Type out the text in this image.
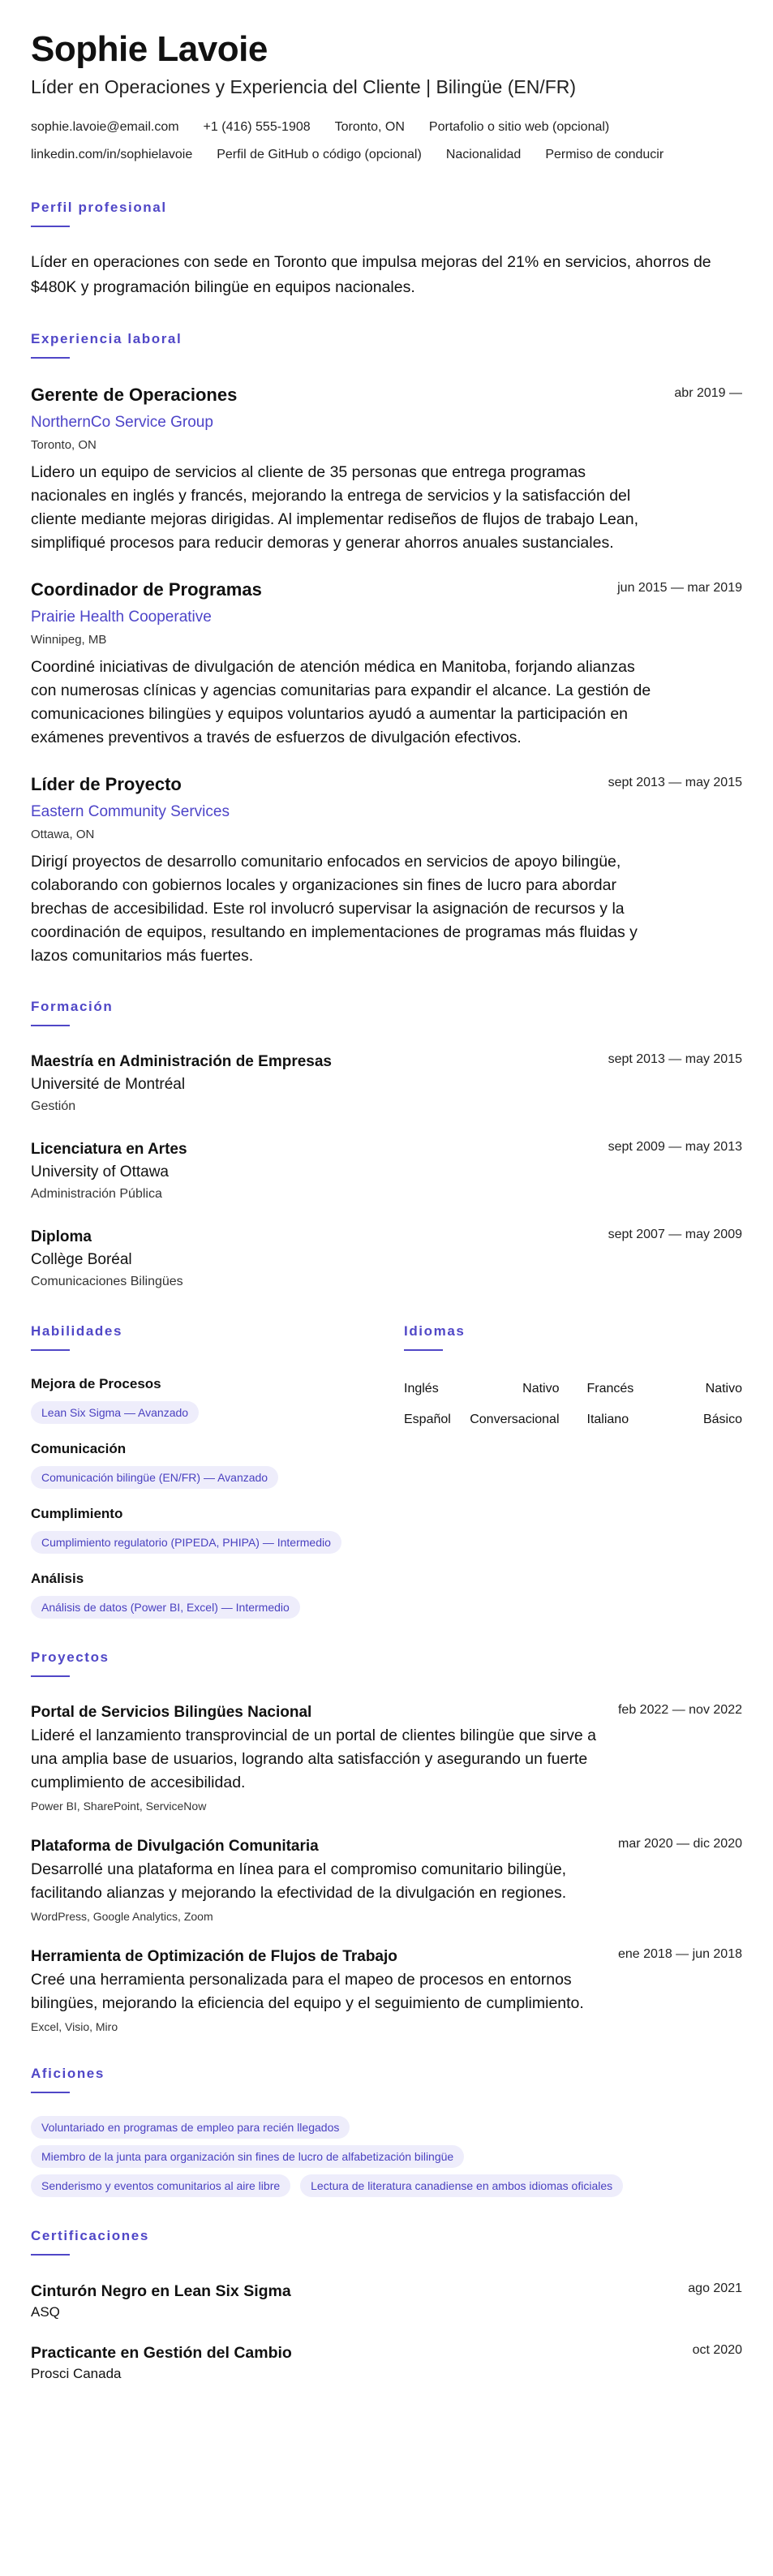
Sophie Lavoie
Líder en Operaciones y Experiencia del Cliente | Bilingüe (EN/FR)
sophie.lavoie@email.com +1 (416) 555-1908 Toronto, ON Portafolio o sitio web (opcional)
linkedin.com/in/sophielavoie Perfil de GitHub o código (opcional) Nacionalidad Permiso de conducir
Perfil profesional
Líder en operaciones con sede en Toronto que impulsa mejoras del 21% en servicios, ahorros de $480K y programación bilingüe en equipos nacionales.
Experiencia laboral
Gerente de Operaciones	abr 2019 —
NorthernCo Service Group
Toronto, ON
Lidero un equipo de servicios al cliente de 35 personas que entrega programas nacionales en inglés y francés, mejorando la entrega de servicios y la satisfacción del cliente mediante mejoras dirigidas. Al implementar rediseños de flujos de trabajo Lean, simplifiqué procesos para reducir demoras y generar ahorros anuales sustanciales.
Coordinador de Programas	jun 2015 — mar 2019
Prairie Health Cooperative
Winnipeg, MB
Coordiné iniciativas de divulgación de atención médica en Manitoba, forjando alianzas con numerosas clínicas y agencias comunitarias para expandir el alcance. La gestión de comunicaciones bilingües y equipos voluntarios ayudó a aumentar la participación en exámenes preventivos a través de esfuerzos de divulgación efectivos.
Líder de Proyecto	sept 2013 — may 2015
Eastern Community Services
Ottawa, ON
Dirigí proyectos de desarrollo comunitario enfocados en servicios de apoyo bilingüe, colaborando con gobiernos locales y organizaciones sin fines de lucro para abordar brechas de accesibilidad. Este rol involucró supervisar la asignación de recursos y la coordinación de equipos, resultando en implementaciones de programas más fluidas y lazos comunitarios más fuertes.
Formación
Maestría en Administración de Empresas	sept 2013 — may 2015
Université de Montréal
Gestión
Licenciatura en Artes	sept 2009 — may 2013
University of Ottawa
Administración Pública
Diploma	sept 2007 — may 2009
Collège Boréal
Comunicaciones Bilingües
Habilidades
Mejora de Procesos
Lean Six Sigma — Avanzado
Comunicación
Comunicación bilingüe (EN/FR) — Avanzado
Cumplimiento
Cumplimiento regulatorio (PIPEDA, PHIPA) — Intermedio
Análisis
Análisis de datos (Power BI, Excel) — Intermedio
Idiomas
Inglés	Nativo Francés	Nativo
Español Conversacional Italiano	Básico
Proyectos
Portal de Servicios Bilingües Nacional	feb 2022 — nov 2022
Lideré el lanzamiento transprovincial de un portal de clientes bilingüe que sirve a una amplia base de usuarios, logrando alta satisfacción y asegurando un fuerte cumplimiento de accesibilidad.
Power BI, SharePoint, ServiceNow
Plataforma de Divulgación Comunitaria	mar 2020 — dic 2020
Desarrollé una plataforma en línea para el compromiso comunitario bilingüe, facilitando alianzas y mejorando la efectividad de la divulgación en regiones.
WordPress, Google Analytics, Zoom
Herramienta de Optimización de Flujos de Trabajo	ene 2018 — jun 2018
Creé una herramienta personalizada para el mapeo de procesos en entornos bilingües, mejorando la eficiencia del equipo y el seguimiento de cumplimiento.
Excel, Visio, Miro
Aficiones
Voluntariado en programas de empleo para recién llegados
Miembro de la junta para organización sin fines de lucro de alfabetización bilingüe
Senderismo y eventos comunitarios al aire libre	Lectura de literatura canadiense en ambos idiomas oficiales
Certificaciones
Cinturón Negro en Lean Six Sigma	ago 2021
ASQ
Practicante en Gestión del Cambio	oct 2020
Prosci Canada
